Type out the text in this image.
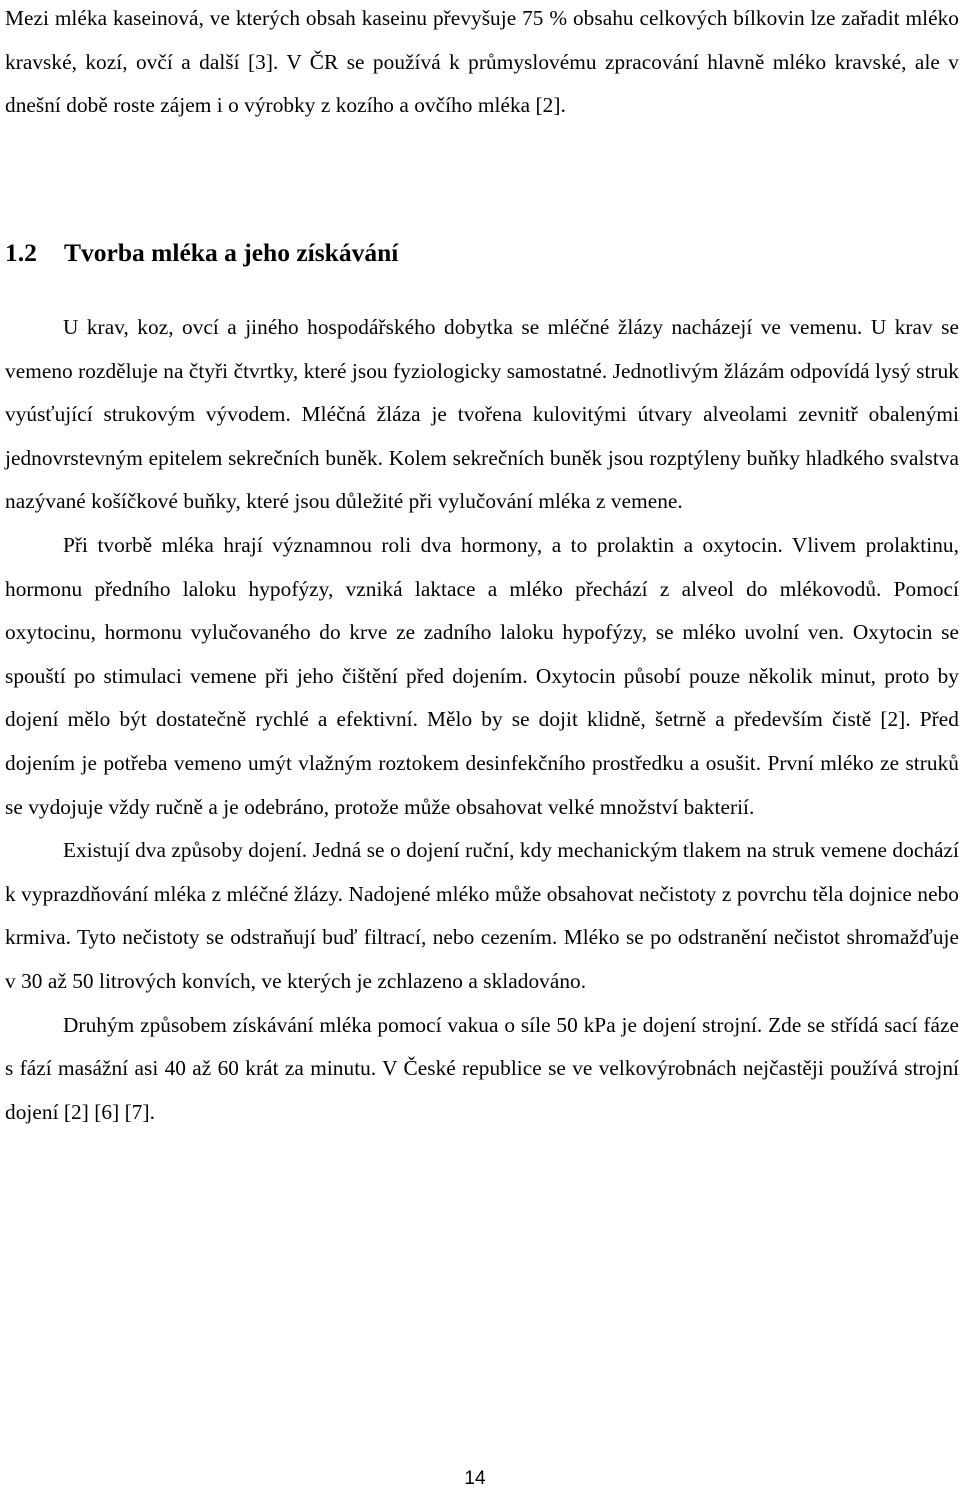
Mezi mléka kaseinová, ve kterých obsah kaseinu převyšuje 75 % obsahu celkových bílkovin lze zařadit mléko kravské, kozí, ovčí a další [3]. V ČR se používá k průmyslovému zpracování hlavně mléko kravské, ale v dnešní době roste zájem i o výrobky z kozího a ovčího mléka [2].

1.2 Tvorba mléka a jeho získávání

U krav, koz, ovcí a jiného hospodářského dobytka se mléčné žlázy nacházejí ve vemenu. U krav se vemeno rozděluje na čtyři čtvrtky, které jsou fyziologicky samostatné. Jednotlivým žlázám odpovídá lysý struk vyúsťující strukovým vývodem. Mléčná žláza je tvořena kulovitými útvary alveolami zevnitř obalenými jednovrstevným epitelem sekrečních buněk. Kolem sekrečních buněk jsou rozptýleny buňky hladkého svalstva nazývané košíčkové buňky, které jsou důležité při vylučování mléka z vemene.

Při tvorbě mléka hrají významnou roli dva hormony, a to prolaktin a oxytocin. Vlivem prolaktinu, hormonu předního laloku hypofýzy, vzniká laktace a mléko přechází z alveol do mlékovodů. Pomocí oxytocinu, hormonu vylučovaného do krve ze zadního laloku hypofýzy, se mléko uvolní ven. Oxytocin se spouští po stimulaci vemene při jeho čištění před dojením. Oxytocin působí pouze několik minut, proto by dojení mělo být dostatečně rychlé a efektivní. Mělo by se dojit klidně, šetrně a především čistě [2]. Před dojením je potřeba vemeno umýt vlažným roztokem desinfekčního prostředku a osušit. První mléko ze struků se vydojuje vždy ručně a je odebráno, protože může obsahovat velké množství bakterií.

Existují dva způsoby dojení. Jedná se o dojení ruční, kdy mechanickým tlakem na struk vemene dochází k vyprazdňování mléka z mléčné žlázy. Nadojené mléko může obsahovat nečistoty z povrchu těla dojnice nebo krmiva. Tyto nečistoty se odstraňují buď filtrací, nebo cezením. Mléko se po odstranění nečistot shromažďuje v 30 až 50 litrových konvích, ve kterých je zchlazeno a skladováno.

Druhým způsobem získávání mléka pomocí vakua o síle 50 kPa je dojení strojní. Zde se střídá sací fáze s fází masážní asi 40 až 60 krát za minutu. V České republice se ve velkovýrobnách nejčastěji používá strojní dojení [2] [6] [7].

14
